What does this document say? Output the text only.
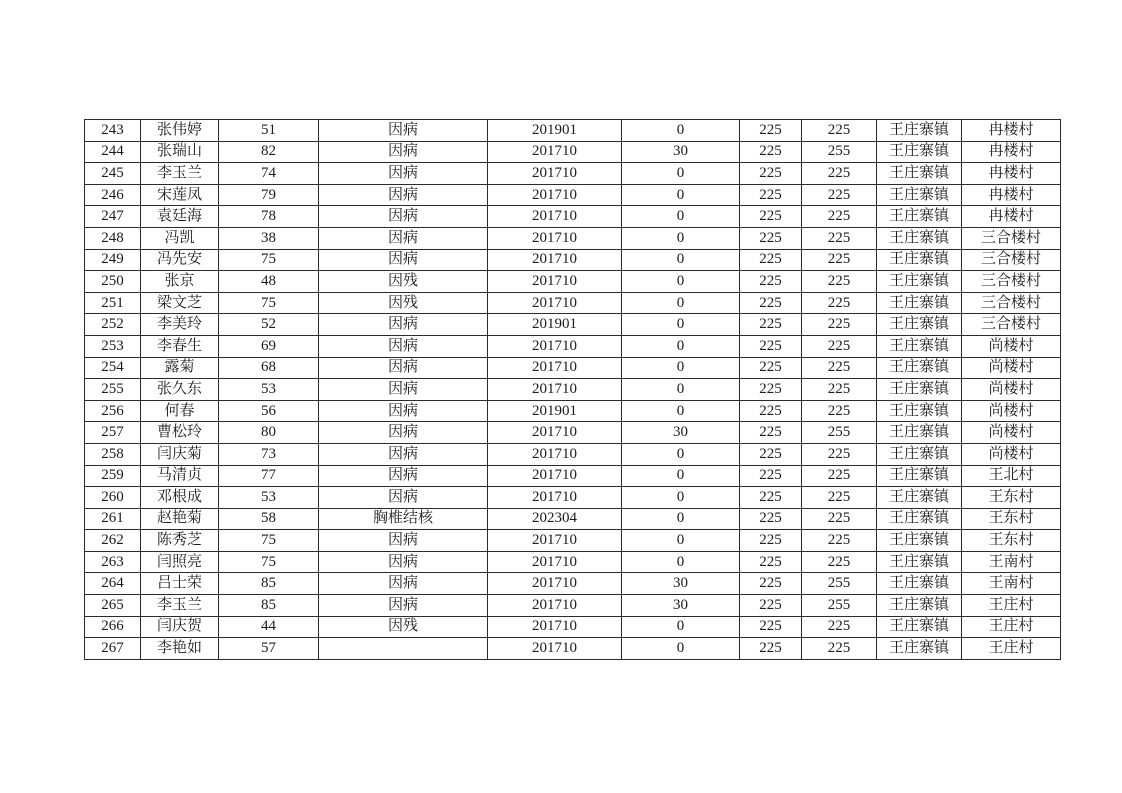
243	张伟婷	51	因病	201901	0	225	225	王庄寨镇	冉楼村
244	张瑞山	82	因病	201710	30	225	255	王庄寨镇	冉楼村
245	李玉兰	74	因病	201710	0	225	225	王庄寨镇	冉楼村
246	宋莲凤	79	因病	201710	0	225	225	王庄寨镇	冉楼村
247	袁廷海	78	因病	201710	0	225	225	王庄寨镇	冉楼村
248	冯凯	38	因病	201710	0	225	225	王庄寨镇	三合楼村
249	冯先安	75	因病	201710	0	225	225	王庄寨镇	三合楼村
250	张京	48	因残	201710	0	225	225	王庄寨镇	三合楼村
251	梁文芝	75	因残	201710	0	225	225	王庄寨镇	三合楼村
252	李美玲	52	因病	201901	0	225	225	王庄寨镇	三合楼村
253	李春生	69	因病	201710	0	225	225	王庄寨镇	尚楼村
254	露菊	68	因病	201710	0	225	225	王庄寨镇	尚楼村
255	张久东	53	因病	201710	0	225	225	王庄寨镇	尚楼村
256	何春	56	因病	201901	0	225	225	王庄寨镇	尚楼村
257	曹松玲	80	因病	201710	30	225	255	王庄寨镇	尚楼村
258	闫庆菊	73	因病	201710	0	225	225	王庄寨镇	尚楼村
259	马清贞	77	因病	201710	0	225	225	王庄寨镇	王北村
260	邓根成	53	因病	201710	0	225	225	王庄寨镇	王东村
261	赵艳菊	58	胸椎结核	202304	0	225	225	王庄寨镇	王东村
262	陈秀芝	75	因病	201710	0	225	225	王庄寨镇	王东村
263	闫照亮	75	因病	201710	0	225	225	王庄寨镇	王南村
264	吕士荣	85	因病	201710	30	225	255	王庄寨镇	王南村
265	李玉兰	85	因病	201710	30	225	255	王庄寨镇	王庄村
266	闫庆贺	44	因残	201710	0	225	225	王庄寨镇	王庄村
267	李艳如	57		201710	0	225	225	王庄寨镇	王庄村
